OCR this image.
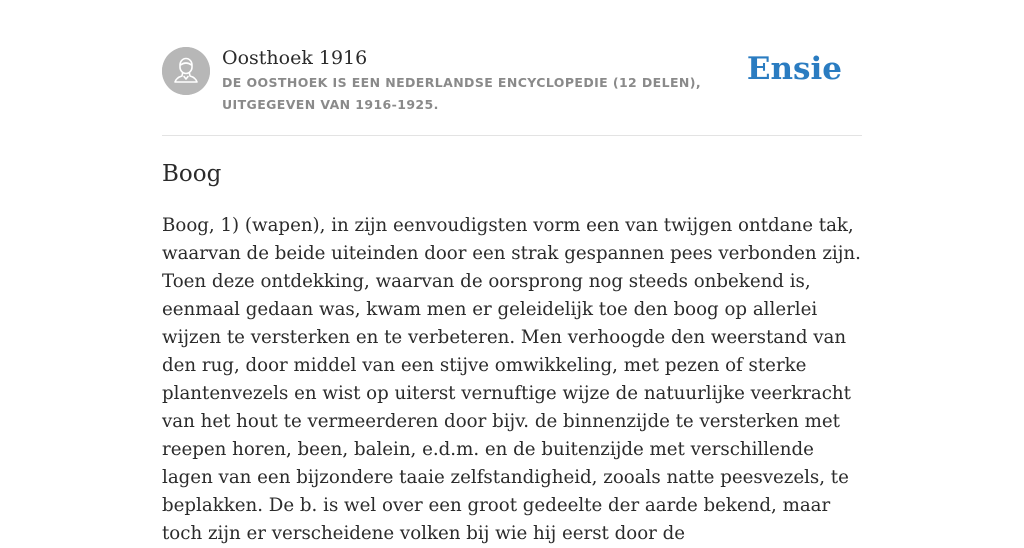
Oosthoek 1916
DE OOSTHOEK IS EEN NEDERLANDSE ENCYCLOPEDIE (12 DELEN), UITGEGEVEN VAN 1916-1925.
Ensie
Boog

Boog, 1) (wapen), in zijn eenvoudigsten vorm een van twijgen ontdane tak, waarvan de beide uiteinden door een strak gespannen pees verbonden zijn. Toen deze ontdekking, waarvan de oorsprong nog steeds onbekend is, eenmaal gedaan was, kwam men er geleidelijk toe den boog op allerlei wijzen te versterken en te verbeteren. Men verhoogde den weerstand van den rug, door middel van een stijve omwikkeling, met pezen of sterke plantenvezels en wist op uiterst vernuftige wijze de natuurlijke veerkracht van het hout te vermeerderen door bijv. de binnenzijde te versterken met reepen horen, been, balein, e.d.m. en de buitenzijde met verschillende lagen van een bijzondere taaie zelfstandigheid, zooals natte peesvezels, te beplakken. De b. is wel over een groot gedeelte der aarde bekend, maar toch zijn er verscheidene volken bij wie hij eerst door de
